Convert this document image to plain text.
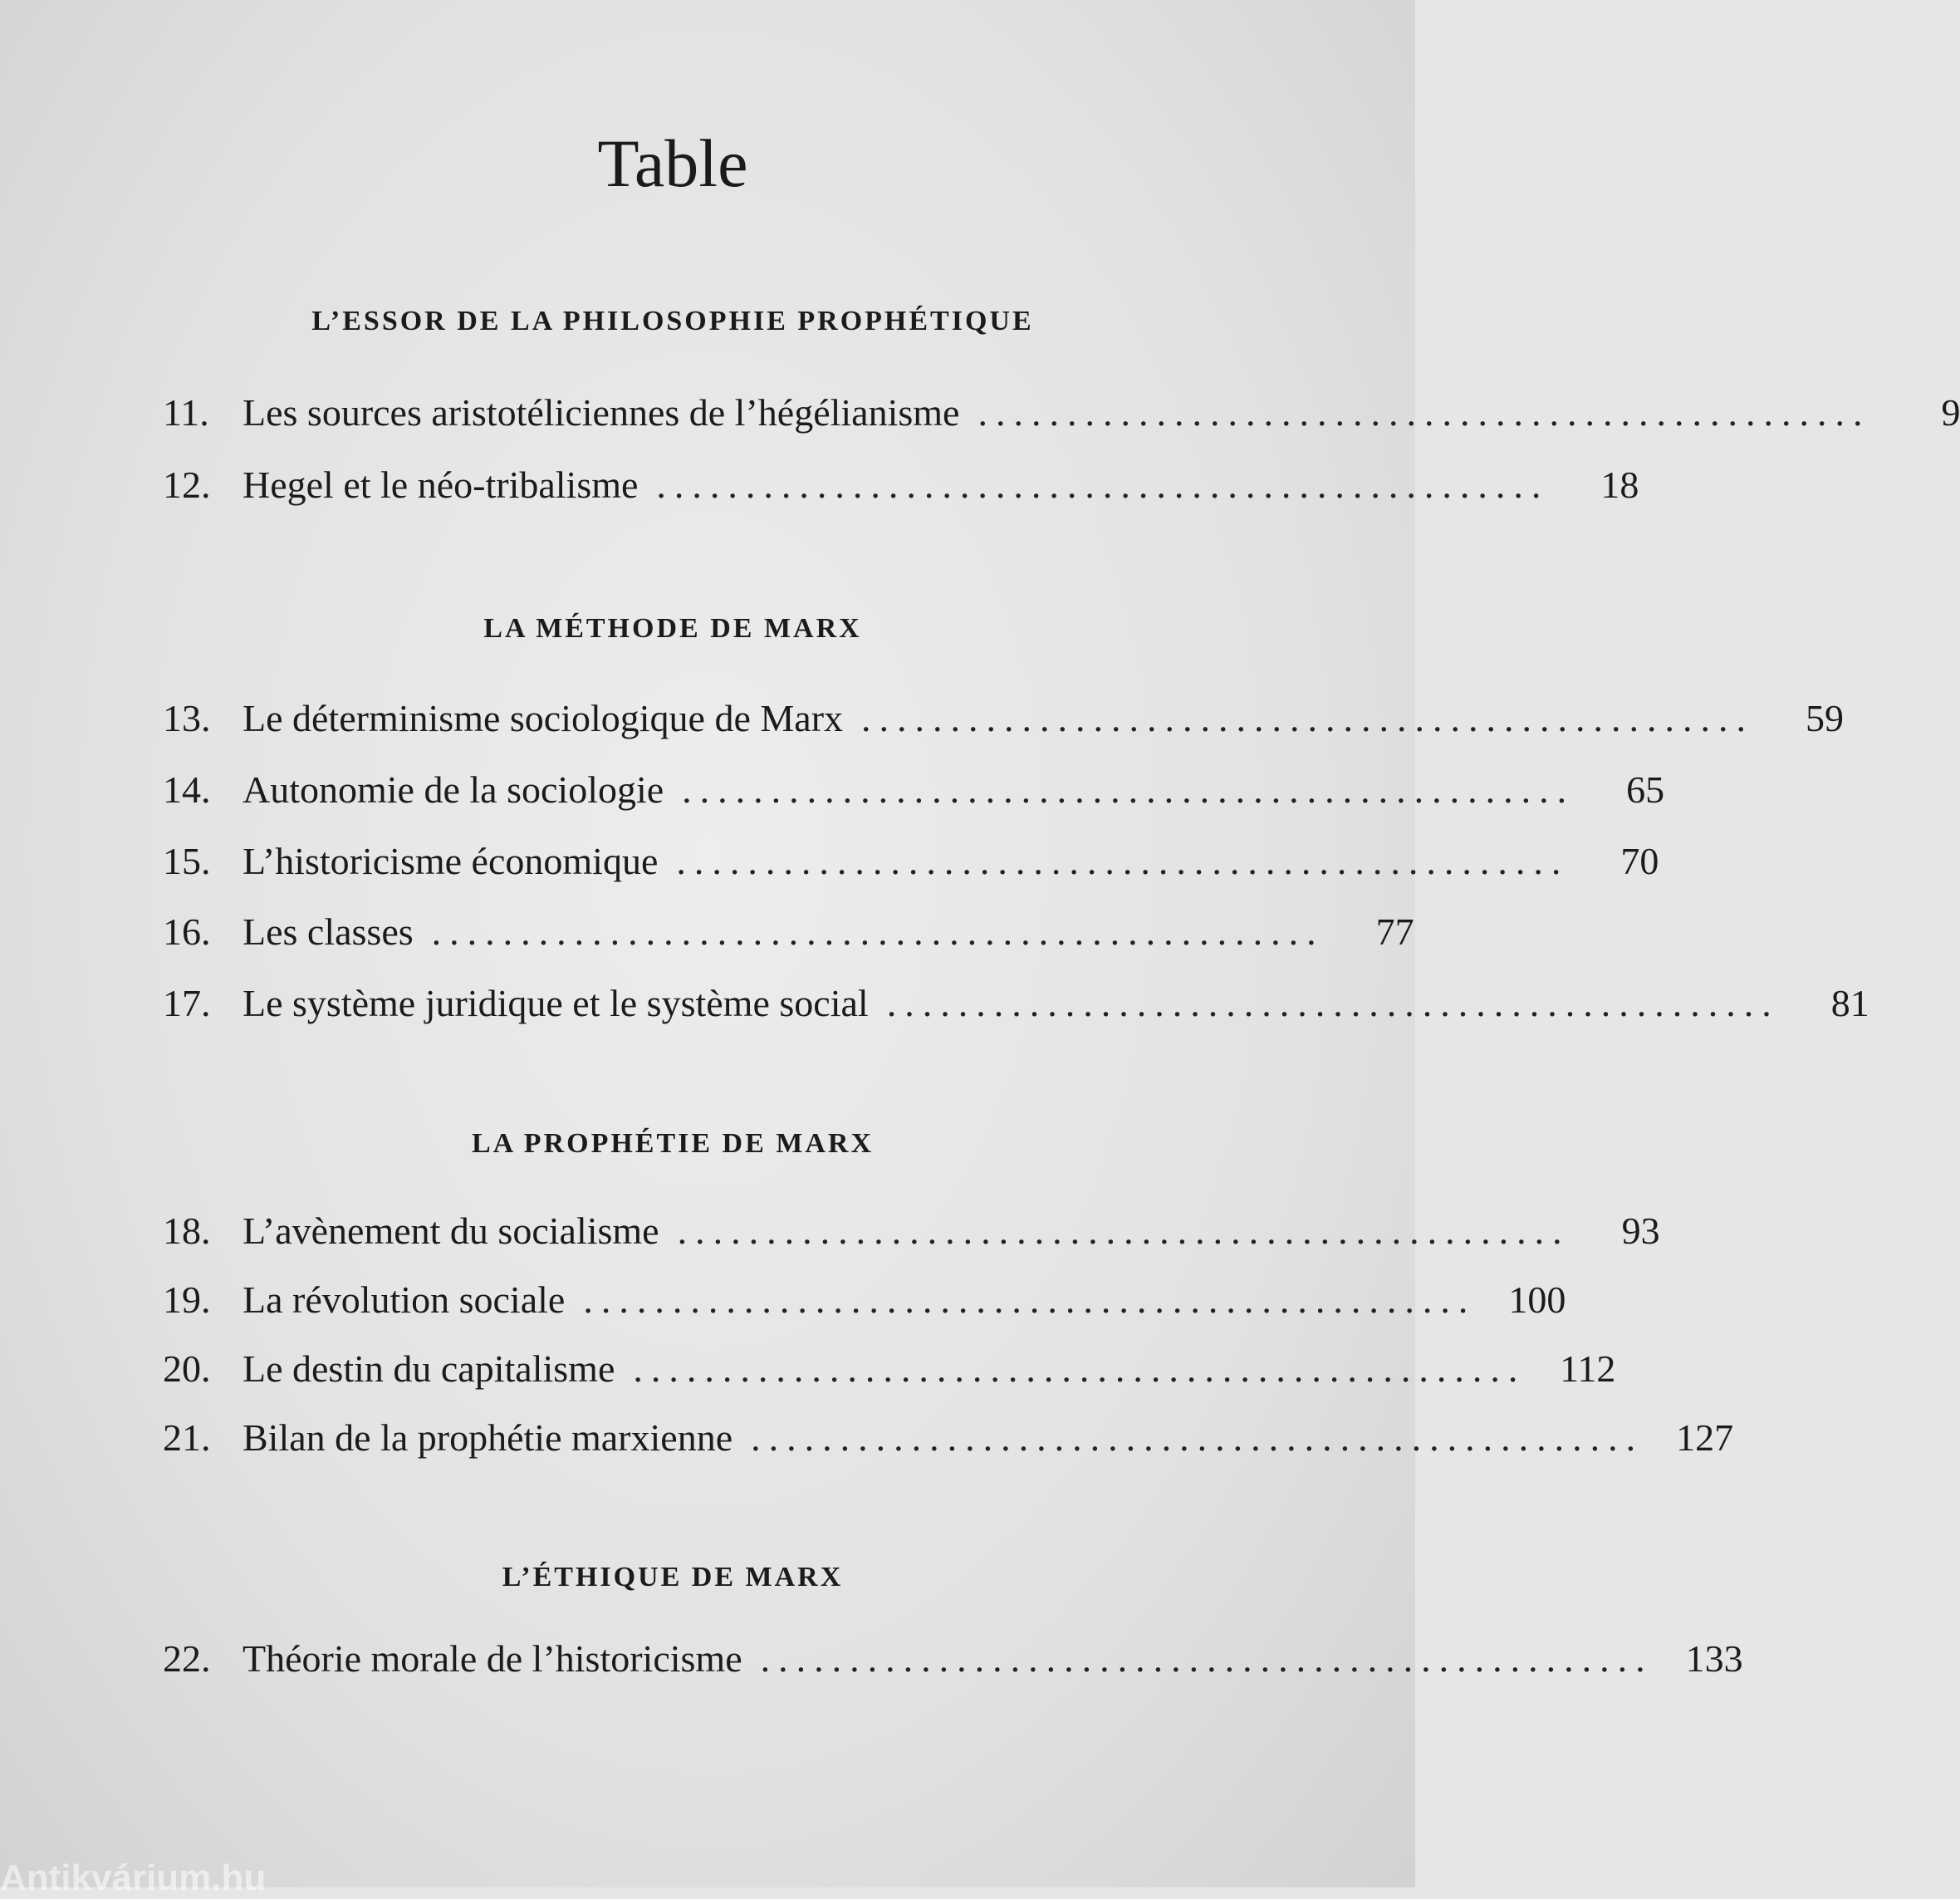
Table
L’ESSOR DE LA PHILOSOPHIE PROPHÉTIQUE
11. Les sources aristotéliciennes de l’hégélianisme ..................................................	9
12. Hegel et le néo-tribalisme ..................................................	18
LA MÉTHODE DE MARX
13. Le déterminisme sociologique de Marx ..................................................	59
14. Autonomie de la sociologie ..................................................	65
15. L’historicisme économique ..................................................	70
16. Les classes ..................................................	77
17. Le système juridique et le système social ..................................................	81
LA PROPHÉTIE DE MARX
18. L’avènement du socialisme ..................................................	93
19. La révolution sociale .................................................. 100
20. Le destin du capitalisme .................................................. 112
21. Bilan de la prophétie marxienne .................................................. 127
L’ÉTHIQUE DE MARX
22. Théorie morale de l’historicisme .................................................. 133
Antikvárium.hu
